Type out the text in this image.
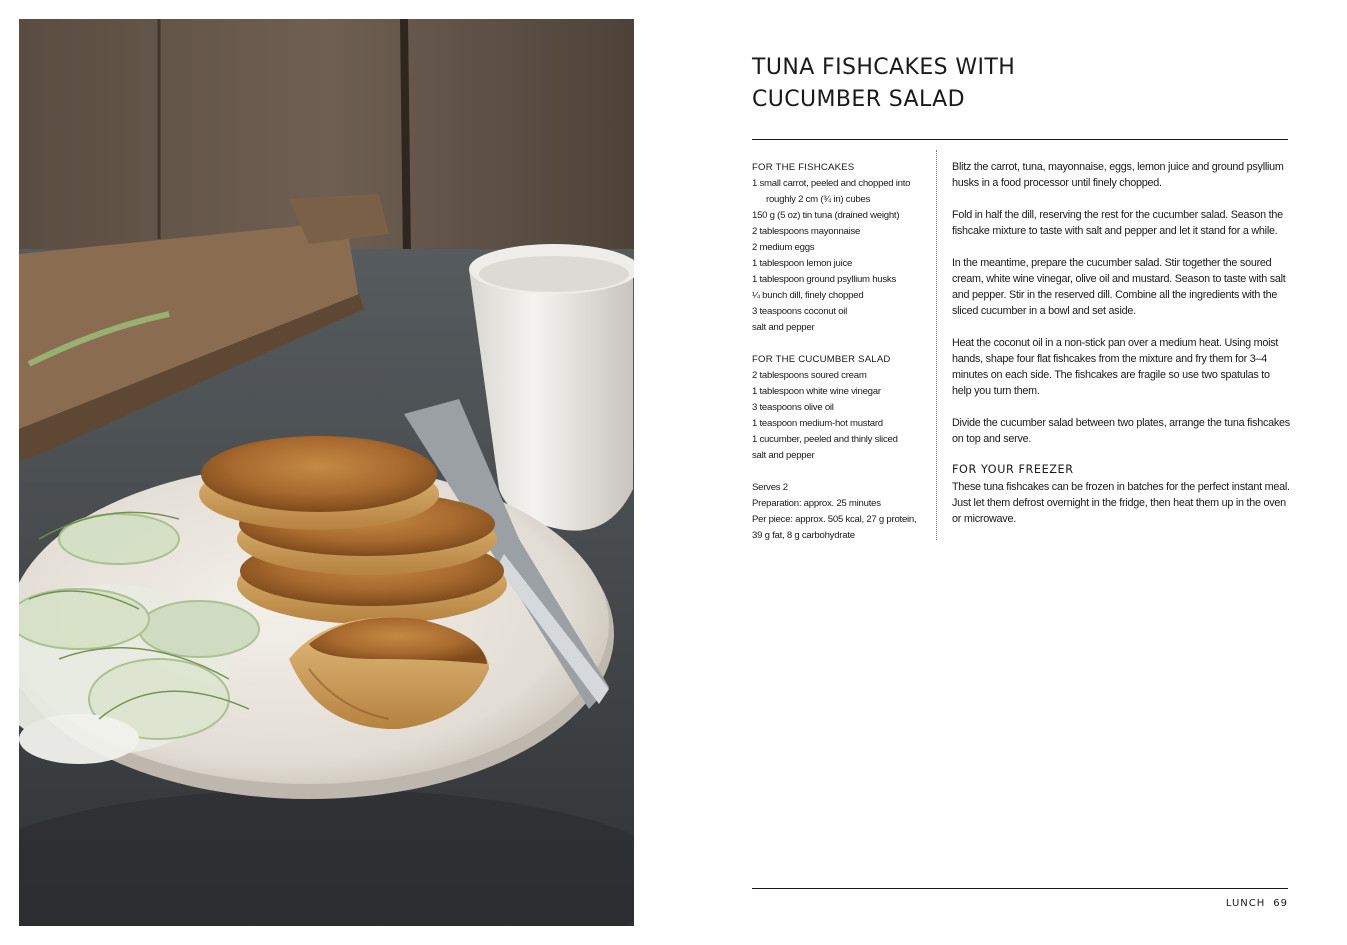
TUNA FISHCAKES WITH
CUCUMBER SALAD
FOR THE FISHCAKES
1 small carrot, peeled and chopped into roughly 2 cm (¾ in) cubes
150 g (5 oz) tin tuna (drained weight)
2 tablespoons mayonnaise
2 medium eggs
1 tablespoon lemon juice
1 tablespoon ground psyllium husks
¼ bunch dill, finely chopped
3 teaspoons coconut oil
salt and pepper
FOR THE CUCUMBER SALAD
2 tablespoons soured cream
1 tablespoon white wine vinegar
3 teaspoons olive oil
1 teaspoon medium-hot mustard
1 cucumber, peeled and thinly sliced
salt and pepper
Serves 2
Preparation: approx. 25 minutes
Per piece: approx. 505 kcal, 27 g protein, 39 g fat, 8 g carbohydrate

Blitz the carrot, tuna, mayonnaise, eggs, lemon juice and ground psyllium husks in a food processor until finely chopped.

Fold in half the dill, reserving the rest for the cucumber salad. Season the fishcake mixture to taste with salt and pepper and let it stand for a while.

In the meantime, prepare the cucumber salad. Stir together the soured cream, white wine vinegar, olive oil and mustard. Season to taste with salt and pepper. Stir in the reserved dill. Combine all the ingredients with the sliced cucumber in a bowl and set aside.

Heat the coconut oil in a non-stick pan over a medium heat. Using moist hands, shape four flat fishcakes from the mixture and fry them for 3–4 minutes on each side. The fishcakes are fragile so use two spatulas to help you turn them.

Divide the cucumber salad between two plates, arrange the tuna fishcakes on top and serve.

FOR YOUR FREEZER

These tuna fishcakes can be frozen in batches for the perfect instant meal. Just let them defrost overnight in the fridge, then heat them up in the oven or microwave.

LUNCH 69
